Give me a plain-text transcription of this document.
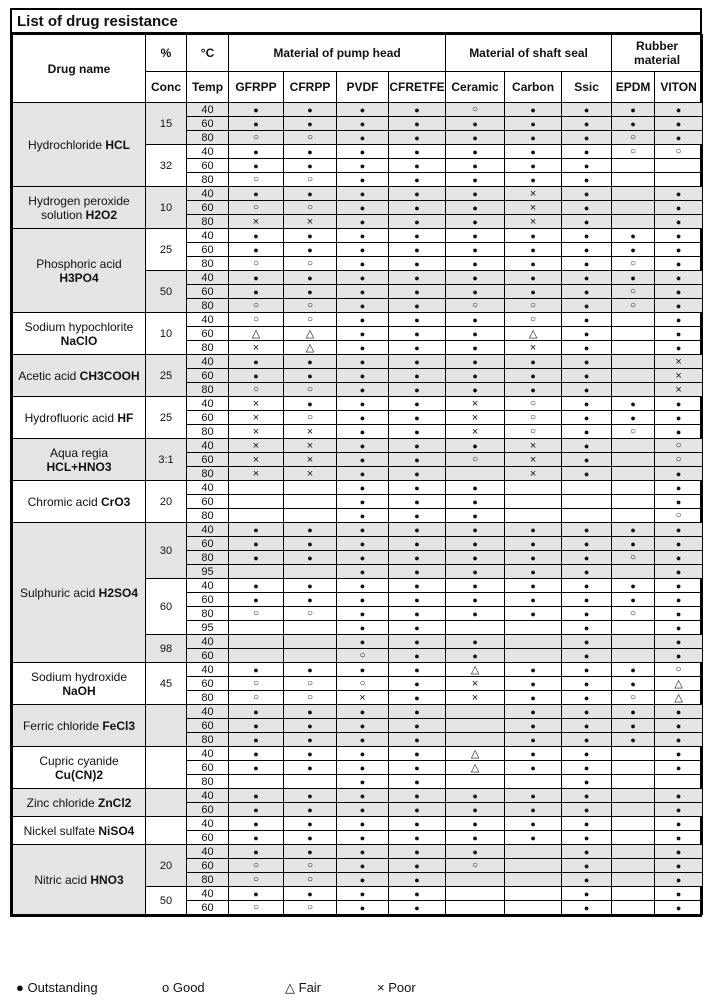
List of drug resistance
Drug name	%	°C	Material of pump head				Material of shaft seal			Rubber material	
	Conc	Temp	GFRPP	CFRPP	PVDF	CFRETFE	Ceramic	Carbon	Ssic	EPDM	VITON
Hydrochloride HCL	15	40	●	●	●	●	○	●	●	●	●
		60	●	●	●	●	●	●	●	●	●
		80	○	○	●	●	●	●	●	○	●
	32	40	●	●	●	●	●	●	●	○	○
		60	●	●	●	●	●	●	●		
		80	○	○	●	●	●	●	●		
Hydrogen peroxide solution H2O2	10	40	●	●	●	●	●	×	●		●
		60	○	○	●	●	●	×	●		●
		80	×	×	●	●	●	×	●		●
Phosphoric acid H3PO4	25	40	●	●	●	●	●	●	●	●	●
		60	●	●	●	●	●	●	●	●	●
		80	○	○	●	●	●	●	●	○	●
	50	40	●	●	●	●	●	●	●	●	●
		60	●	●	●	●	●	●	●	○	●
		80	○	○	●	●	○	○	●	○	●
Sodium hypochlorite NaClO	10	40	○	○	●	●	●	○	●		●
		60	△	△	●	●	●	△	●		●
		80	×	△	●	●	●	×	●		●
Acetic acid CH3COOH	25	40	●	●	●	●	●	●	●		×
		60	●	●	●	●	●	●	●		×
		80	○	○	●	●	●	●	●		×
Hydrofluoric acid HF	25	40	×	●	●	●	×	○	●	●	●
		60	×	○	●	●	×	○	●	●	●
		80	×	×	●	●	×	○	●	○	●
Aqua regia HCL+HNO3	3:1	40	×	×	●	●	●	×	●		○
		60	×	×	●	●	○	×	●		○
		80	×	×	●	●		×	●		●
Chromic acid CrO3	20	40			●	●	●				●
		60			●	●	●				●
		80			●	●	●				○
Sulphuric acid H2SO4	30	40	●	●	●	●	●	●	●	●	●
		60	●	●	●	●	●	●	●	●	●
		80	●	●	●	●	●	●	●	○	●
		95			●	●	●	●	●		●
	60	40	●	●	●	●	●	●	●	●	●
		60	●	●	●	●	●	●	●	●	●
		80	○	○	●	●	●	●	●	○	●
		95			●	●			●		●
	98	40			●	●	●		●		●
		60			○	●	●		●		●
Sodium hydroxide NaOH	45	40	●	●	●	●	△	●	●	●	○
		60	○	○	○	●	×	●	●	●	△
		80	○	○	×	●	×	●	●	○	△
Ferric chloride FeCl3		40	●	●	●	●		●	●	●	●
		60	●	●	●	●		●	●	●	●
		80	●	●	●	●		●	●	●	●
Cupric cyanide Cu(CN)2		40	●	●	●	●	△	●	●		●
		60	●	●	●	●	△	●	●		●
		80			●	●			●		
Zinc chloride ZnCl2		40	●	●	●	●	●	●	●		●
		60	●	●	●	●	●	●	●		●
Nickel sulfate NiSO4		40	●	●	●	●	●	●	●		●
		60	●	●	●	●	●	●	●		●
Nitric acid HNO3	20	40	●	●	●	●	●		●		●
		60	○	○	●	●	○		●		●
		80	○	○	●	●			●		●
	50	40	●	●	●	●			●		●
		60	○	○	●	●			●		●
● Outstanding	o Good	△ Fair	× Poor
